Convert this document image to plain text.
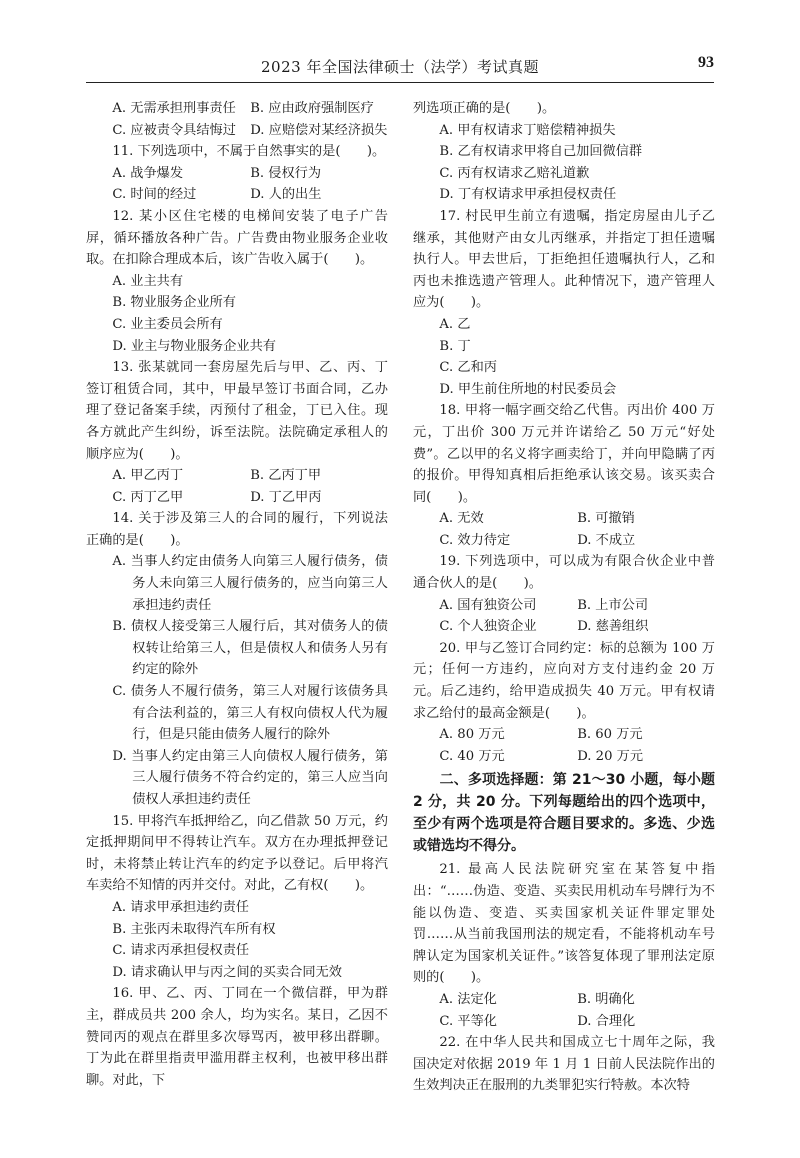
2023 年全国法律硕士（法学）考试真题	93
A. 无需承担刑事责任	B. 应由政府强制医疗
C. 应被责令具结悔过	D. 应赔偿对某经济损失

11. 下列选项中，不属于自然事实的是(　　)。

A. 战争爆发	B. 侵权行为
C. 时间的经过	D. 人的出生

12. 某小区住宅楼的电梯间安装了电子广告屏，循环播放各种广告。广告费由物业服务企业收取。在扣除合理成本后，该广告收入属于(　　)。

A. 业主共有
B. 物业服务企业所有
C. 业主委员会所有
D. 业主与物业服务企业共有

13. 张某就同一套房屋先后与甲、乙、丙、丁签订租赁合同，其中，甲最早签订书面合同，乙办理了登记备案手续，丙预付了租金，丁已入住。现各方就此产生纠纷，诉至法院。法院确定承租人的顺序应为(　　)。

A. 甲乙丙丁	B. 乙丙丁甲
C. 丙丁乙甲	D. 丁乙甲丙

14. 关于涉及第三人的合同的履行，下列说法正确的是(　　)。

A. 当事人约定由债务人向第三人履行债务，债务人未向第三人履行债务的，应当向第三人承担违约责任
B. 债权人接受第三人履行后，其对债务人的债权转让给第三人，但是债权人和债务人另有约定的除外
C. 债务人不履行债务，第三人对履行该债务具有合法利益的，第三人有权向债权人代为履行，但是只能由债务人履行的除外
D. 当事人约定由第三人向债权人履行债务，第三人履行债务不符合约定的，第三人应当向债权人承担违约责任

15. 甲将汽车抵押给乙，向乙借款 50 万元，约定抵押期间甲不得转让汽车。双方在办理抵押登记时，未将禁止转让汽车的约定予以登记。后甲将汽车卖给不知情的丙并交付。对此，乙有权(　　)。

A. 请求甲承担违约责任
B. 主张丙未取得汽车所有权
C. 请求丙承担侵权责任
D. 请求确认甲与丙之间的买卖合同无效

16. 甲、乙、丙、丁同在一个微信群，甲为群主，群成员共 200 余人，均为实名。某日，乙因不赞同丙的观点在群里多次辱骂丙，被甲移出群聊。丁为此在群里指责甲滥用群主权利，也被甲移出群聊。对此，下

列选项正确的是(　　)。

A. 甲有权请求丁赔偿精神损失
B. 乙有权请求甲将自己加回微信群
C. 丙有权请求乙赔礼道歉
D. 丁有权请求甲承担侵权责任

17. 村民甲生前立有遗嘱，指定房屋由儿子乙继承，其他财产由女儿丙继承，并指定丁担任遗嘱执行人。甲去世后，丁拒绝担任遗嘱执行人，乙和丙也未推选遗产管理人。此种情况下，遗产管理人应为(　　)。

A. 乙
B. 丁
C. 乙和丙
D. 甲生前住所地的村民委员会

18. 甲将一幅字画交给乙代售。丙出价 400 万元，丁出价 300 万元并许诺给乙 50 万元“好处费”。乙以甲的名义将字画卖给丁，并向甲隐瞒了丙的报价。甲得知真相后拒绝承认该交易。该买卖合同(　　)。

A. 无效	B. 可撤销
C. 效力待定	D. 不成立

19. 下列选项中，可以成为有限合伙企业中普通合伙人的是(　　)。

A. 国有独资公司	B. 上市公司
C. 个人独资企业	D. 慈善组织

20. 甲与乙签订合同约定：标的总额为 100 万元；任何一方违约，应向对方支付违约金 20 万元。后乙违约，给甲造成损失 40 万元。甲有权请求乙给付的最高金额是(　　)。

A. 80 万元	B. 60 万元
C. 40 万元	D. 20 万元

二、多项选择题：第 21～30 小题，每小题 2 分，共 20 分。下列每题给出的四个选项中，至少有两个选项是符合题目要求的。多选、少选或错选均不得分。

21. 最高人民法院研究室在某答复中指出：“……伪造、变造、买卖民用机动车号牌行为不能以伪造、变造、买卖国家机关证件罪定罪处罚……从当前我国刑法的规定看，不能将机动车号牌认定为国家机关证件。”该答复体现了罪刑法定原则的(　　)。

A. 法定化	B. 明确化
C. 平等化	D. 合理化

22. 在中华人民共和国成立七十周年之际，我国决定对依据 2019 年 1 月 1 日前人民法院作出的生效判决正在服刑的九类罪犯实行特赦。本次特
